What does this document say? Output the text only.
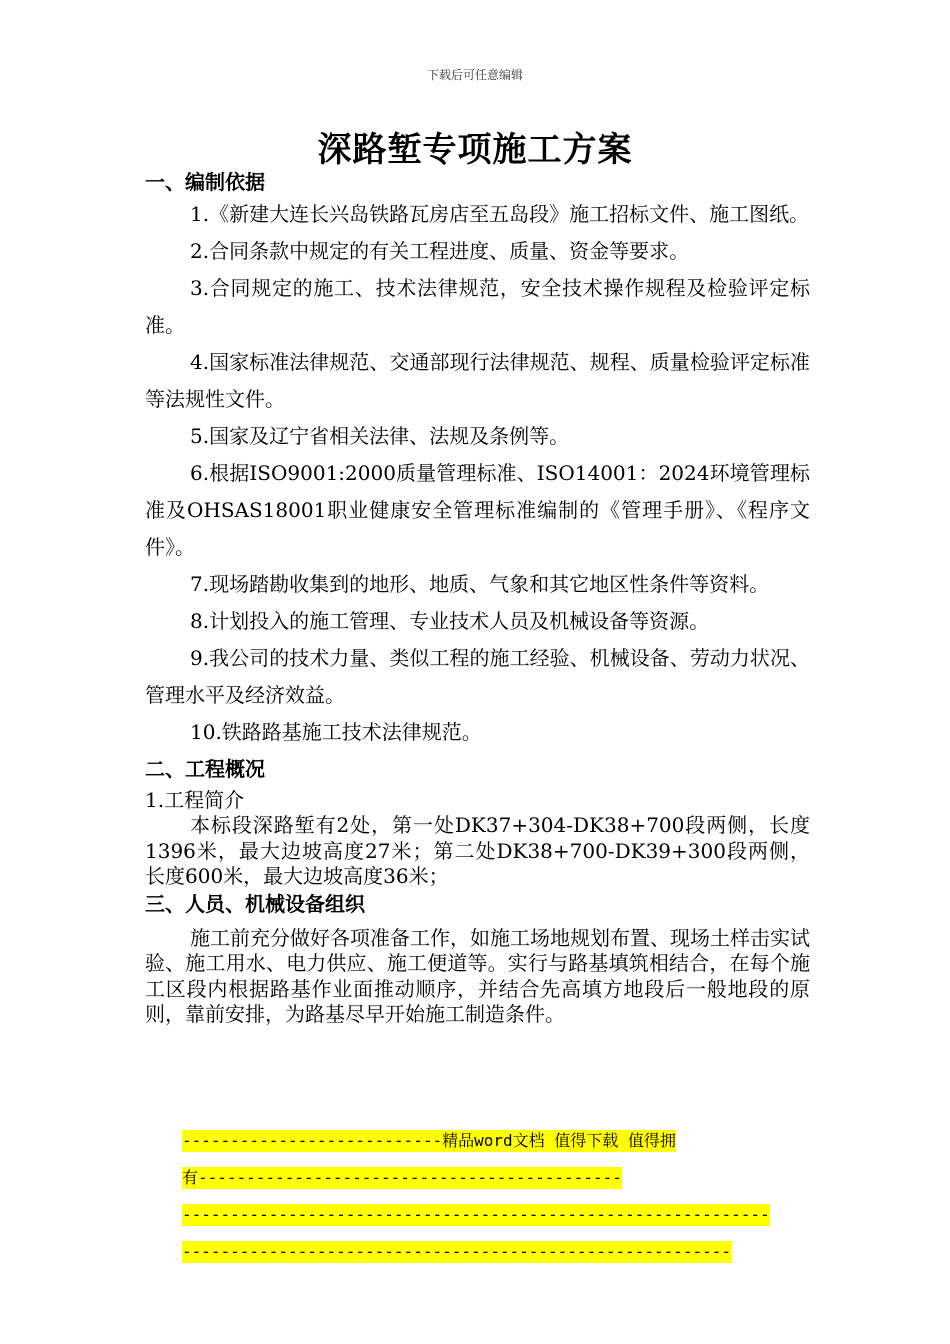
下载后可任意编辑
深路堑专项施工方案

一、编制依据

1.《新建大连长兴岛铁路瓦房店至五岛段》施工招标文件、施工图纸。

2.合同条款中规定的有关工程进度、质量、资金等要求。

3.合同规定的施工、技术法律规范，安全技术操作规程及检验评定标准。

4.国家标准法律规范、交通部现行法律规范、规程、质量检验评定标准等法规性文件。

5.国家及辽宁省相关法律、法规及条例等。

6.根据ISO9001:2000质量管理标准、ISO14001：2024环境管理标准及OHSAS18001职业健康安全管理标准编制的《管理手册》、《程序文件》。

7.现场踏勘收集到的地形、地质、气象和其它地区性条件等资料。

8.计划投入的施工管理、专业技术人员及机械设备等资源。

9.我公司的技术力量、类似工程的施工经验、机械设备、劳动力状况、管理水平及经济效益。

10.铁路路基施工技术法律规范。

二、工程概况

1.工程简介

本标段深路堑有2处，第一处DK37+304-DK38+700段两侧，长度1396米，最大边坡高度27米；第二处DK38+700-DK39+300段两侧，长度600米，最大边坡高度36米；

三、人员、机械设备组织

施工前充分做好各项准备工作，如施工场地规划布置、现场土样击实试验、施工用水、电力供应、施工便道等。实行与路基填筑相结合，在每个施工区段内根据路基作业面推动顺序，并结合先高填方地段后一般地段的原则，靠前安排，为路基尽早开始施工制造条件。

---------------------------精品word文档 值得下载 值得拥
有--------------------------------------------
-------------------------------------------------------------
---------------------------------------------------------
